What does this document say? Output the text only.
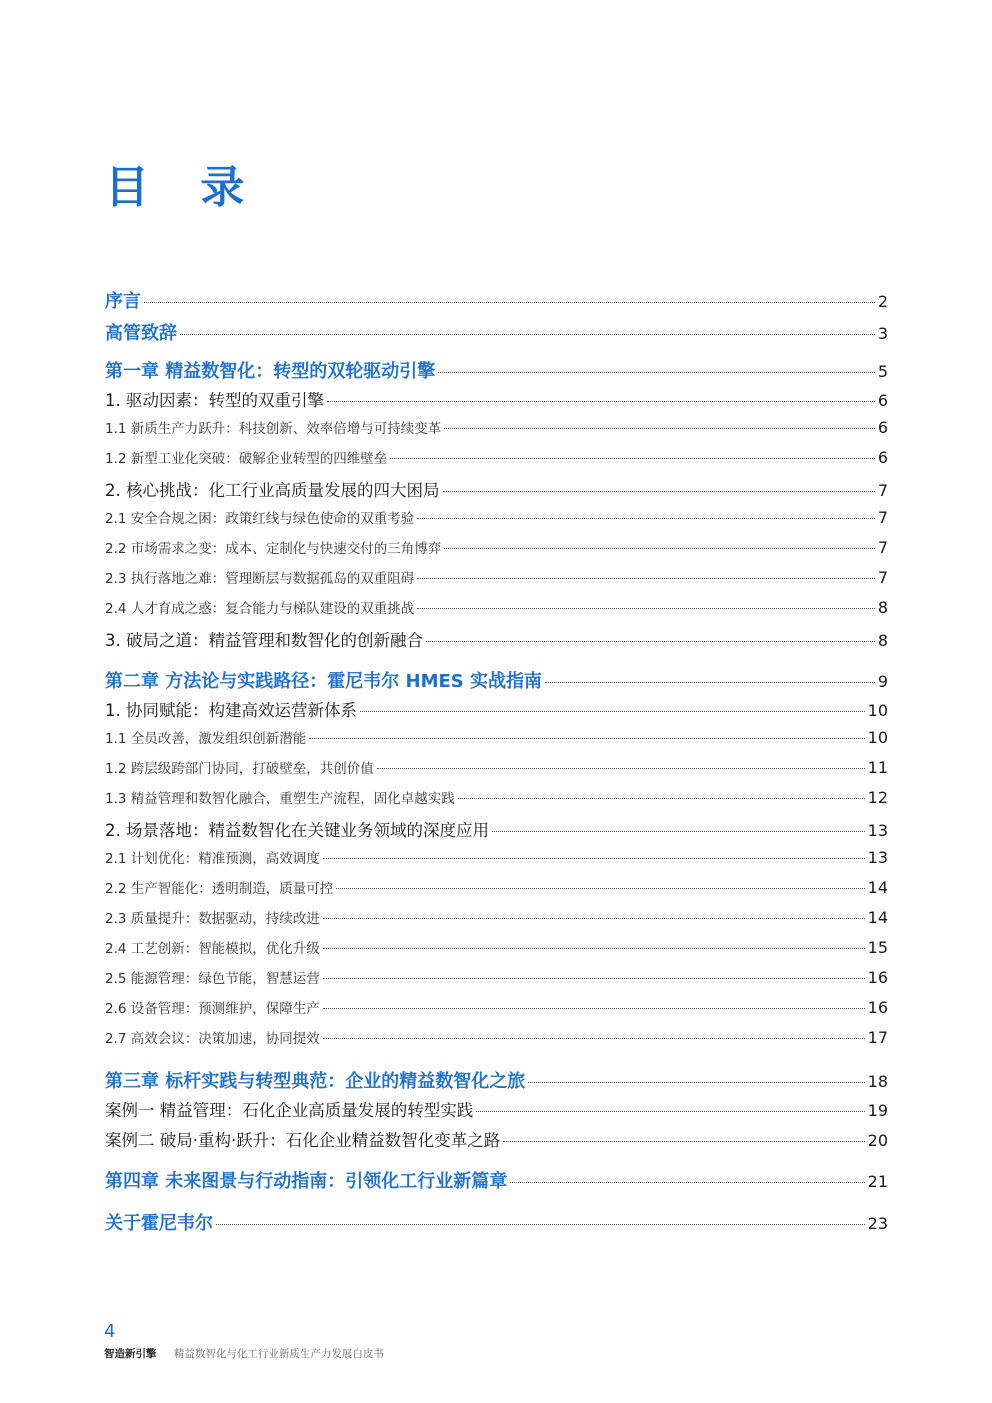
目 录
序言	2
高管致辞	3
第一章 精益数智化：转型的双轮驱动引擎	5
1. 驱动因素：转型的双重引擎	6
1.1 新质生产力跃升：科技创新、效率倍增与可持续变革	6
1.2 新型工业化突破：破解企业转型的四维壁垒	6
2. 核心挑战：化工行业高质量发展的四大困局	7
2.1 安全合规之困：政策红线与绿色使命的双重考验	7
2.2 市场需求之变：成本、定制化与快速交付的三角博弈	7
2.3 执行落地之难：管理断层与数据孤岛的双重阻碍	7
2.4 人才育成之惑：复合能力与梯队建设的双重挑战	8
3. 破局之道：精益管理和数智化的创新融合	8
第二章 方法论与实践路径：霍尼韦尔 HMES 实战指南	9
1. 协同赋能：构建高效运营新体系	10
1.1 全员改善，激发组织创新潜能	10
1.2 跨层级跨部门协同，打破壁垒，共创价值	11
1.3 精益管理和数智化融合，重塑生产流程，固化卓越实践	12
2. 场景落地：精益数智化在关键业务领域的深度应用	13
2.1 计划优化：精准预测，高效调度	13
2.2 生产智能化：透明制造，质量可控	14
2.3 质量提升：数据驱动，持续改进	14
2.4 工艺创新：智能模拟，优化升级	15
2.5 能源管理：绿色节能，智慧运营	16
2.6 设备管理：预测维护，保障生产	16
2.7 高效会议：决策加速，协同提效	17
第三章 标杆实践与转型典范：企业的精益数智化之旅	18
案例一 精益管理：石化企业高质量发展的转型实践	19
案例二 破局·重构·跃升：石化企业精益数智化变革之路	20
第四章 未来图景与行动指南：引领化工行业新篇章	21
关于霍尼韦尔	23
4
智造新引擎 精益数智化与化工行业新质生产力发展白皮书
